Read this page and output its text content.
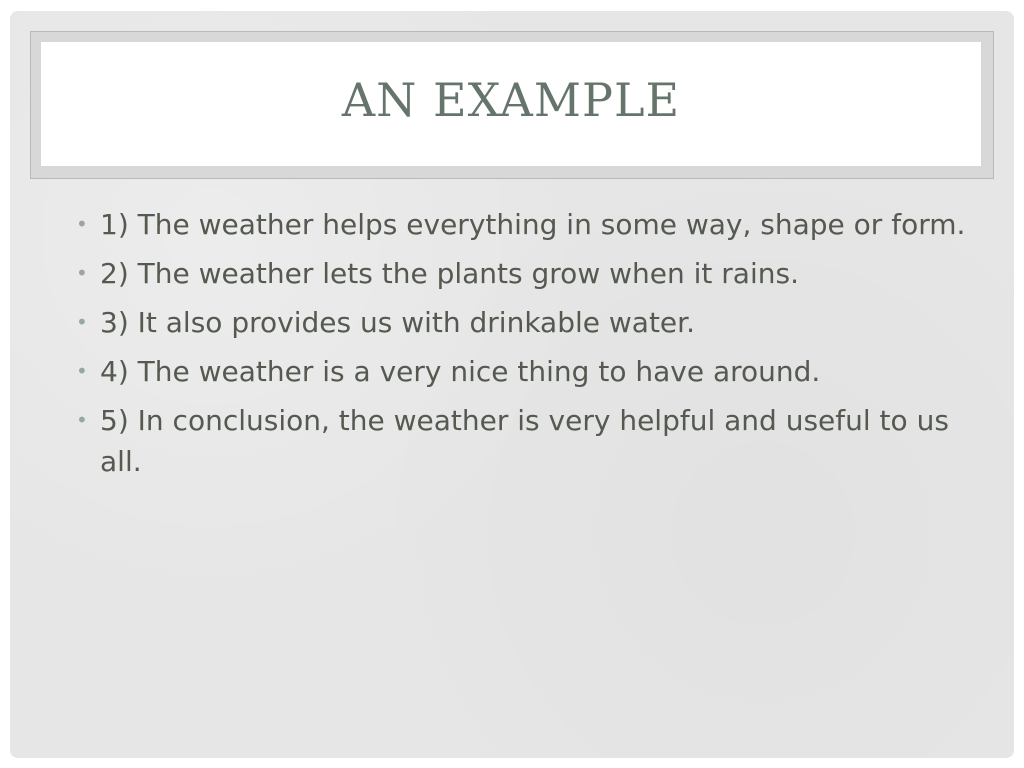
AN EXAMPLE
• 1) The weather helps everything in some way, shape or form.
• 2) The weather lets the plants grow when it rains.
• 3) It also provides us with drinkable water.
• 4) The weather is a very nice thing to have around.
• 5) In conclusion, the weather is very helpful and useful to us all.
